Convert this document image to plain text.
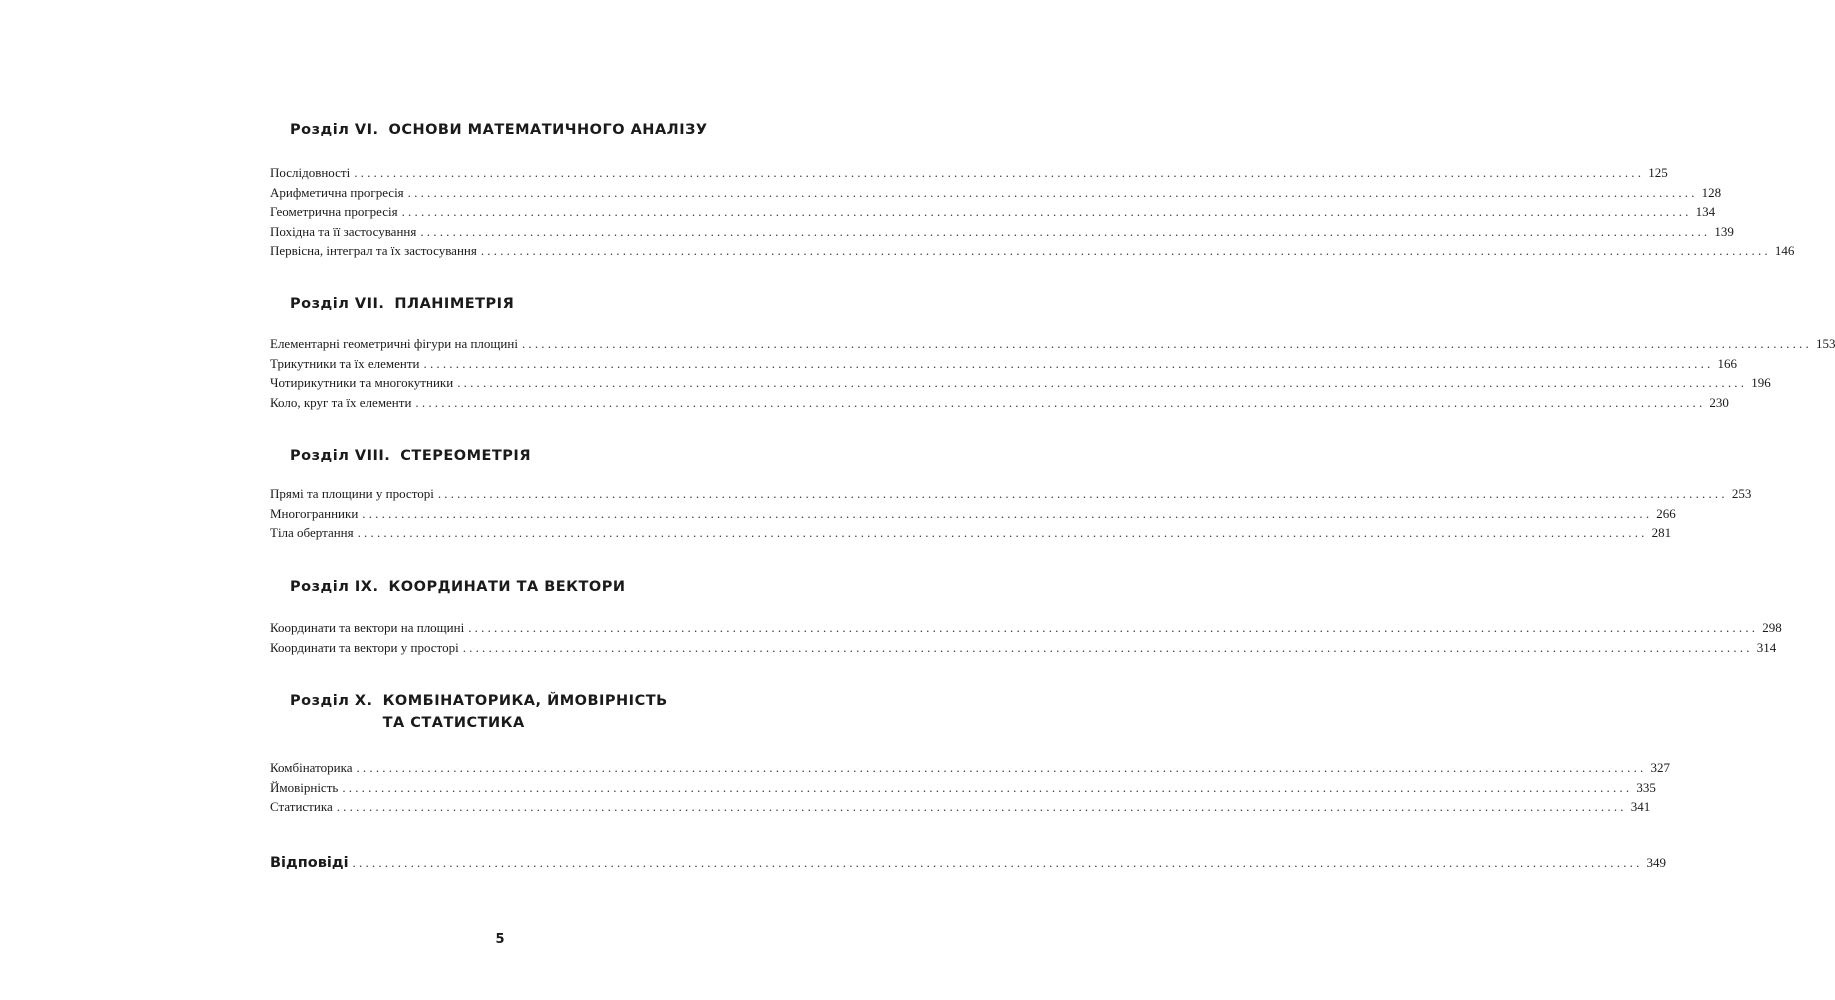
Розділ VI. ОСНОВИ МАТЕМАТИЧНОГО АНАЛІЗУ
Послідовності ........................................................................................................................................................................................................ 125
Арифметична прогресія ........................................................................................................................................................................................................ 128
Геометрична прогресія ........................................................................................................................................................................................................ 134
Похідна та її застосування ........................................................................................................................................................................................................ 139
Первісна, інтеграл та їх застосування ........................................................................................................................................................................................................ 146
Розділ VII. ПЛАНІМЕТРІЯ
Елементарні геометричні фігури на площині ........................................................................................................................................................................................................ 153
Трикутники та їх елементи ........................................................................................................................................................................................................ 166
Чотирикутники та многокутники ........................................................................................................................................................................................................ 196
Коло, круг та їх елементи ........................................................................................................................................................................................................ 230
Розділ VIII. СТЕРЕОМЕТРІЯ
Прямі та площини у просторі ........................................................................................................................................................................................................ 253
Многогранники ........................................................................................................................................................................................................ 266
Тіла обертання ........................................................................................................................................................................................................ 281
Розділ IX. КООРДИНАТИ ТА ВЕКТОРИ
Координати та вектори на площині ........................................................................................................................................................................................................ 298
Координати та вектори у просторі ........................................................................................................................................................................................................ 314
Розділ X. КОМБІНАТОРИКА, ЙМОВІРНІСТЬ
ТА СТАТИСТИКА
Комбінаторика ........................................................................................................................................................................................................ 327
Ймовірність ........................................................................................................................................................................................................ 335
Статистика ........................................................................................................................................................................................................ 341
Відповіді ........................................................................................................................................................................................................ 349
5
